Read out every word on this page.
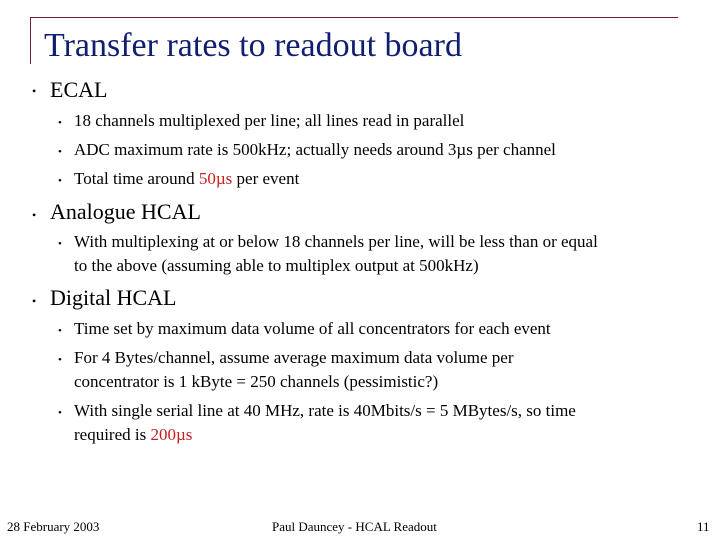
Transfer rates to readout board
• ECAL
• 18 channels multiplexed per line; all lines read in parallel
• ADC maximum rate is 500kHz; actually needs around 3µs per channel
• Total time around 50µs per event
• Analogue HCAL
• With multiplexing at or below 18 channels per line, will be less than or equal
to the above (assuming able to multiplex output at 500kHz)
• Digital HCAL
• Time set by maximum data volume of all concentrators for each event
• For 4 Bytes/channel, assume average maximum data volume per
concentrator is 1 kByte = 250 channels (pessimistic?)
• With single serial line at 40 MHz, rate is 40Mbits/s = 5 MBytes/s, so time
required is 200µs
28 February 2003	Paul Dauncey - HCAL Readout	11
